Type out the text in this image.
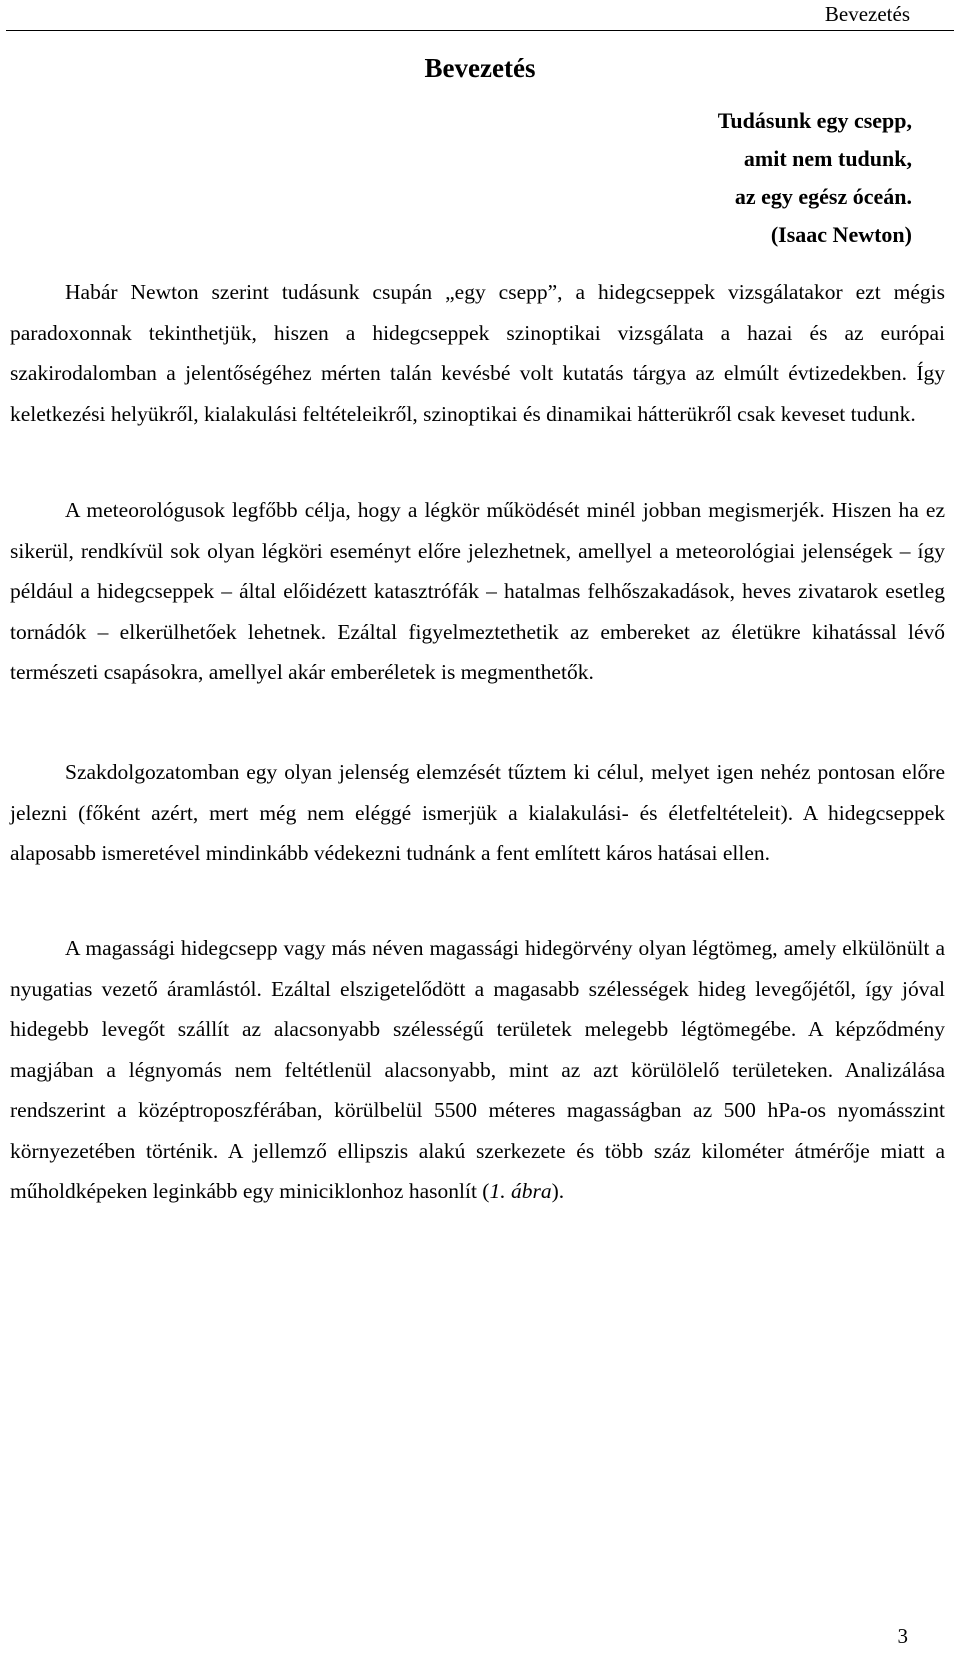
Bevezetés
Bevezetés
Tudásunk egy csepp,
amit nem tudunk,
az egy egész óceán.
(Isaac Newton)

Habár Newton szerint tudásunk csupán „egy csepp”, a hidegcseppek vizsgálatakor ezt mégis paradoxonnak tekinthetjük, hiszen a hidegcseppek szinoptikai vizsgálata a hazai és az európai szakirodalomban a jelentőségéhez mérten talán kevésbé volt kutatás tárgya az elmúlt évtizedekben. Így keletkezési helyükről, kialakulási feltételeikről, szinoptikai és dinamikai hátterükről csak keveset tudunk.

A meteorológusok legfőbb célja, hogy a légkör működését minél jobban megismerjék. Hiszen ha ez sikerül, rendkívül sok olyan légköri eseményt előre jelezhetnek, amellyel a meteorológiai jelenségek – így például a hidegcseppek – által előidézett katasztrófák – hatalmas felhőszakadások, heves zivatarok esetleg tornádók – elkerülhetőek lehetnek. Ezáltal figyelmeztethetik az embereket az életükre kihatással lévő természeti csapásokra, amellyel akár emberéletek is megmenthetők.

Szakdolgozatomban egy olyan jelenség elemzését tűztem ki célul, melyet igen nehéz pontosan előre jelezni (főként azért, mert még nem eléggé ismerjük a kialakulási- és életfeltételeit). A hidegcseppek alaposabb ismeretével mindinkább védekezni tudnánk a fent említett káros hatásai ellen.

A magassági hidegcsepp vagy más néven magassági hidegörvény olyan légtömeg, amely elkülönült a nyugatias vezető áramlástól. Ezáltal elszigetelődött a magasabb szélességek hideg levegőjétől, így jóval hidegebb levegőt szállít az alacsonyabb szélességű területek melegebb légtömegébe. A képződmény magjában a légnyomás nem feltétlenül alacsonyabb, mint az azt körülölelő területeken. Analizálása rendszerint a középtroposzférában, körülbelül 5500 méteres magasságban az 500 hPa-os nyomásszint környezetében történik. A jellemző ellipszis alakú szerkezete és több száz kilométer átmérője miatt a műholdképeken leginkább egy miniciklonhoz hasonlít (1. ábra).

3
